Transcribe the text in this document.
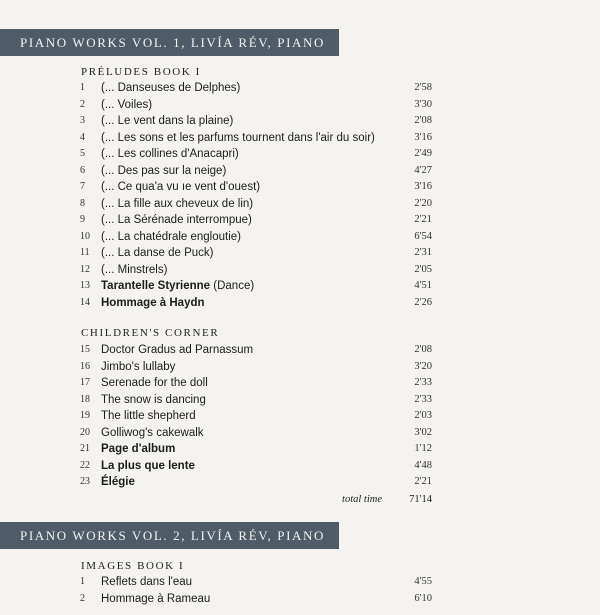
PIANO WORKS VOL. 1, LIVÍA RÉV, PIANO
PRÉLUDES BOOK I
1 (... Danseuses de Delphes)	2'58
2 (... Voiles)	3'30
3 (... Le vent dans la plaine)	2'08
4 (... Les sons et les parfums tournent dans l'air du soir)	3'16
5 (... Les collines d'Anacapri)	2'49
6 (... Des pas sur la neige)	4'27
7 (... Ce qua'a vu ıe vent d'ouest)	3'16
8 (... La fille aux cheveux de lin)	2'20
9 (... La Sérénade interrompue)	2'21
10 (... La chatédrale engloutie)	6'54
11 (... La danse de Puck)	2'31
12 (... Minstrels)	2'05
13 Tarantelle Styrienne (Dance)	4'51
14 Hommage à Haydn	2'26
CHILDREN'S CORNER
15 Doctor Gradus ad Parnassum	2'08
16 Jimbo's lullaby	3'20
17 Serenade for the doll	2'33
18 The snow is dancing	2'33
19 The little shepherd	2'03
20 Golliwog's cakewalk	3'02
21 Page d'album	1'12
22 La plus que lente	4'48
23 Élégie	2'21
total time	71'14
PIANO WORKS VOL. 2, LIVÍA RÉV, PIANO
IMAGES BOOK I
1 Reflets dans l'eau	4'55
2 Hommage à Rameau	6'10
